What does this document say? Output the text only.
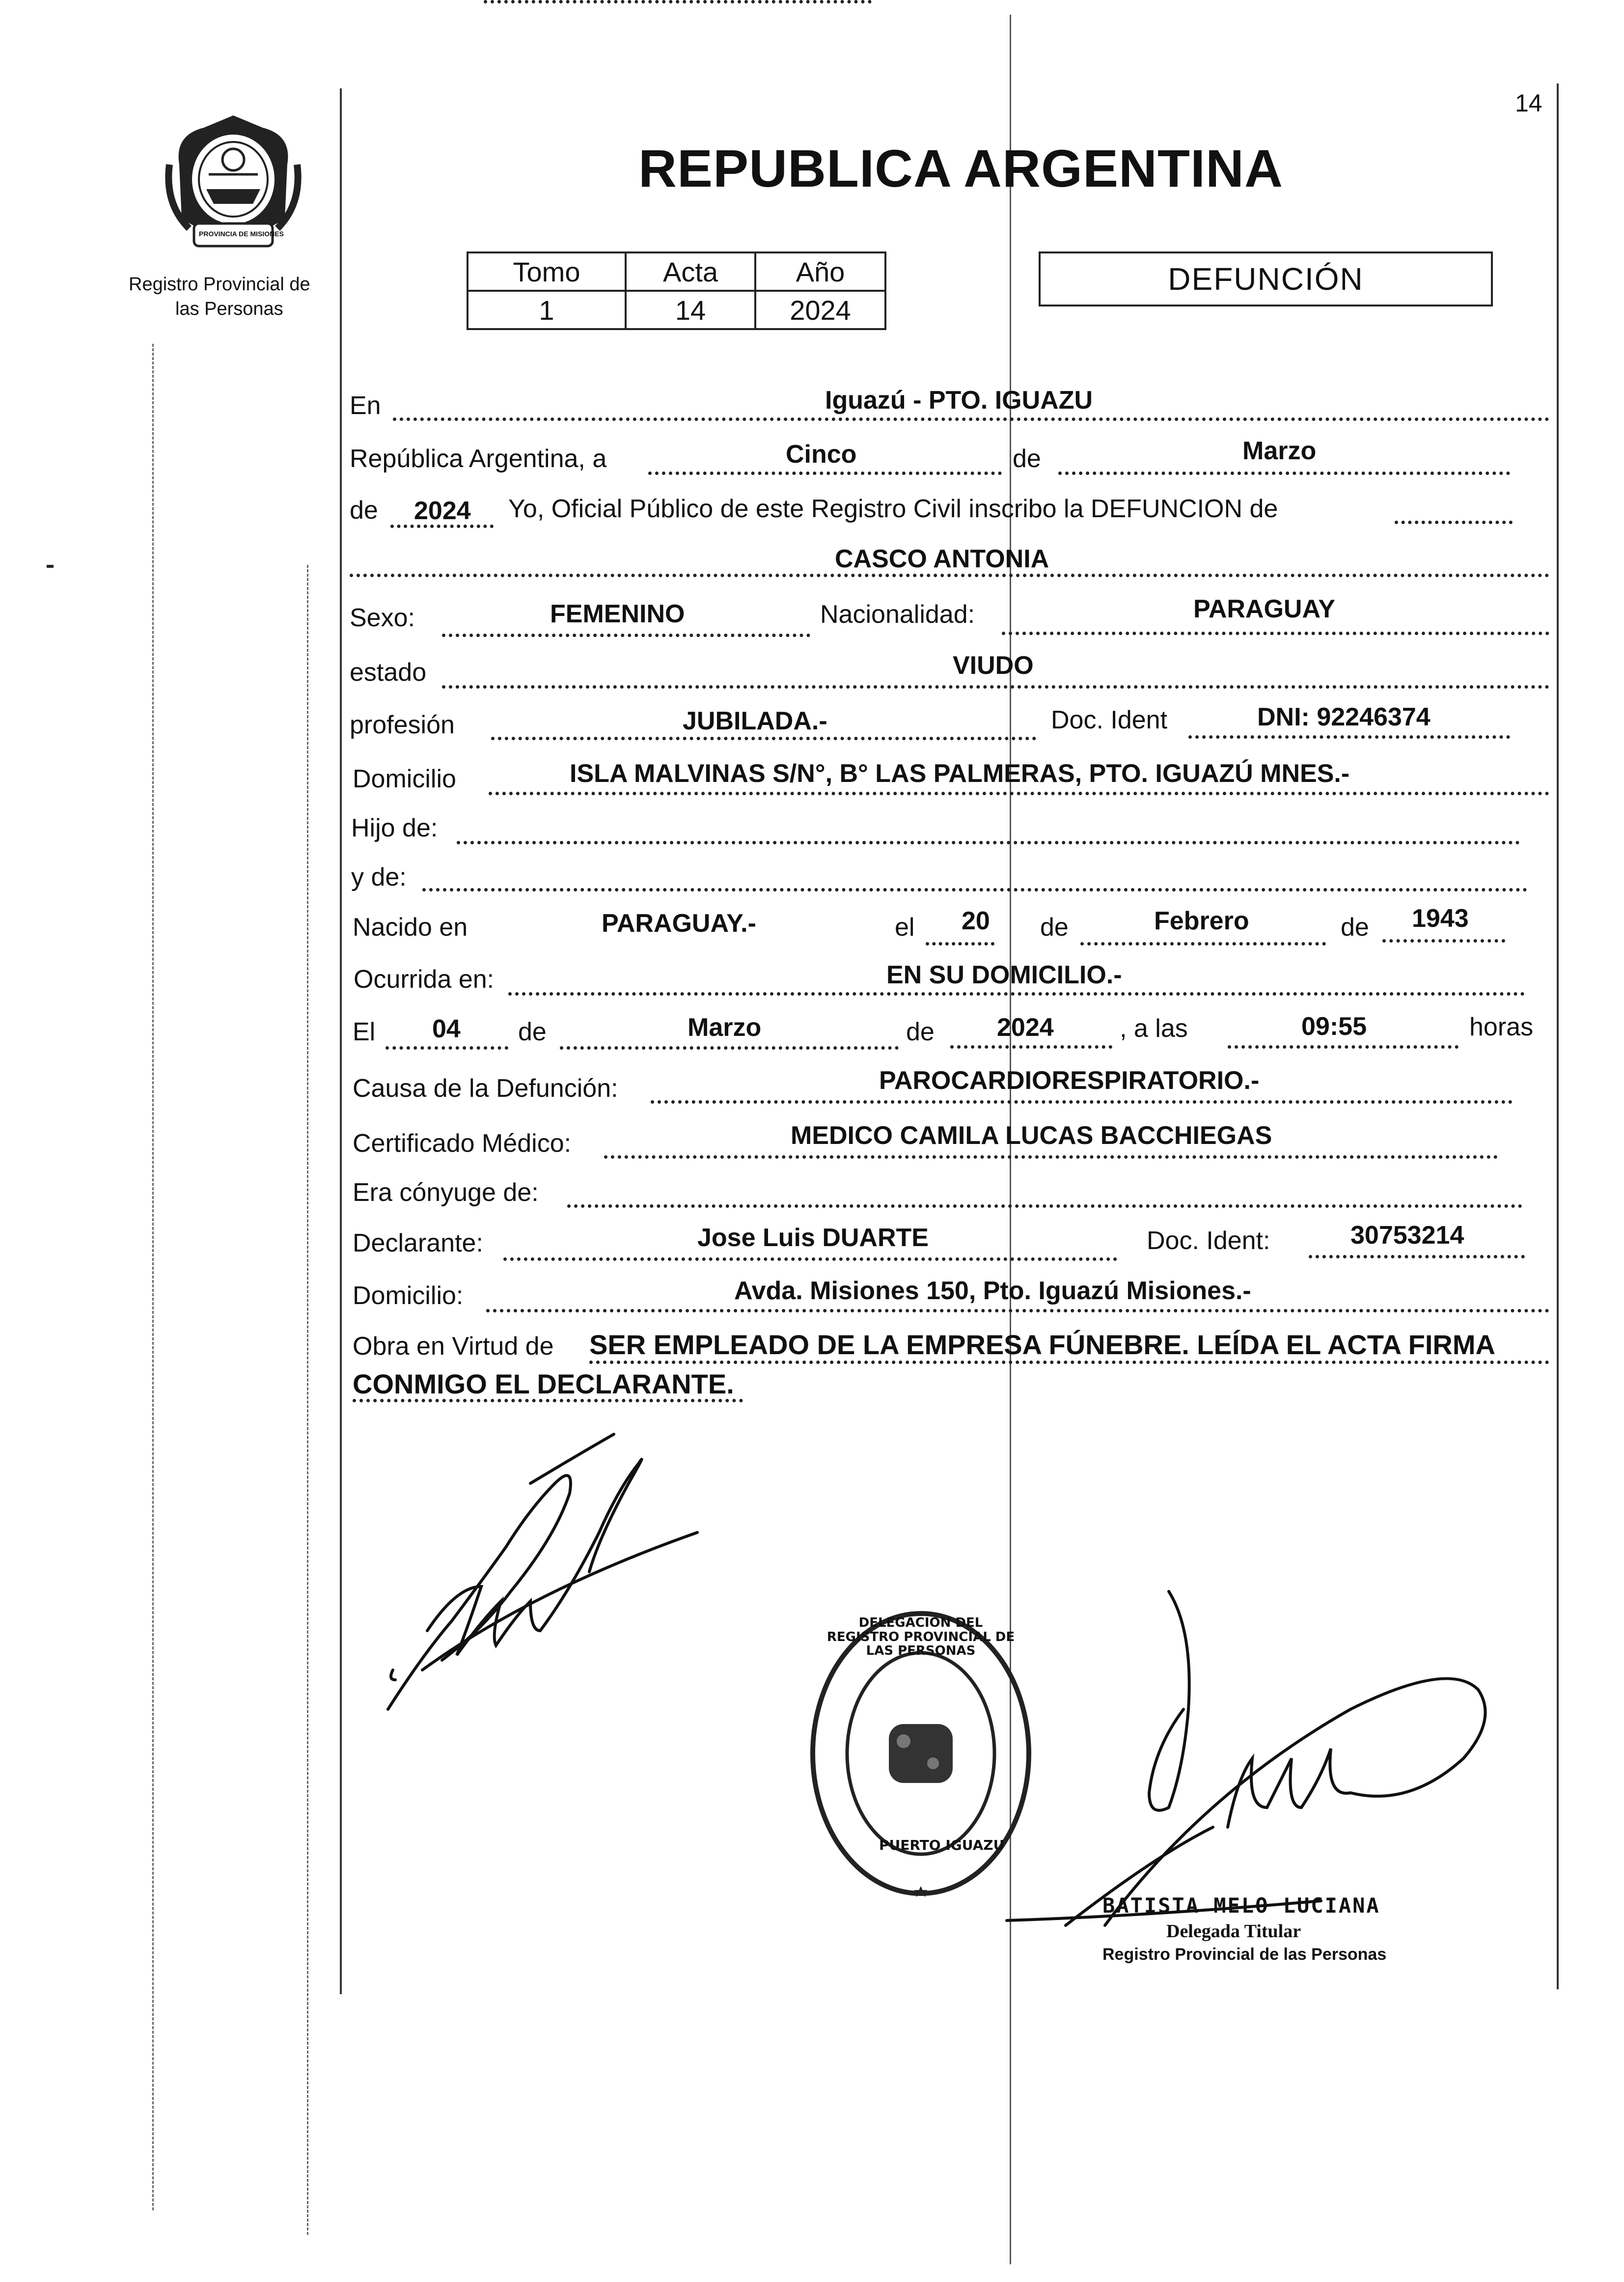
14
PROVINCIA DE MISIONES
Registro Provincial de
las Personas
REPUBLICA ARGENTINA
Tomo	Acta	Año
1	14	2024
DEFUNCIÓN
En	Iguazú - PTO. IGUAZU
República Argentina, a	Cinco	de	Marzo
de 2024 Yo, Oficial Público de este Registro Civil inscribo la DEFUNCION de
CASCO ANTONIA
Sexo:	FEMENINO	Nacionalidad:	PARAGUAY
estado	VIUDO
profesión	JUBILADA.-	Doc. Ident	DNI: 92246374
Domicilio	ISLA MALVINAS S/N°, B° LAS PALMERAS, PTO. IGUAZÚ MNES.-
Hijo de:
y de:
Nacido en	PARAGUAY.-	el 20 de	Febrero	de 1943
Ocurrida en:	EN SU DOMICILIO.-
El 04 de	Marzo	de 2024	, a las	09:55	horas
Causa de la Defunción:	PAROCARDIORESPIRATORIO.-
Certificado Médico:	MEDICO CAMILA LUCAS BACCHIEGAS
Era cónyuge de:
Declarante:	Jose Luis DUARTE	Doc. Ident:	30753214
Domicilio:	Avda. Misiones 150, Pto. Iguazú Misiones.-
Obra en Virtud de SER EMPLEADO DE LA EMPRESA FÚNEBRE. LEÍDA EL ACTA FIRMA
CONMIGO EL DECLARANTE.
DELEGACION DEL REGISTRO PROVINCIAL DE LAS PERSONAS
PUERTO IGUAZU
BATISTA MELO LUCIANA
Delegada Titular
Registro Provincial de las Personas
